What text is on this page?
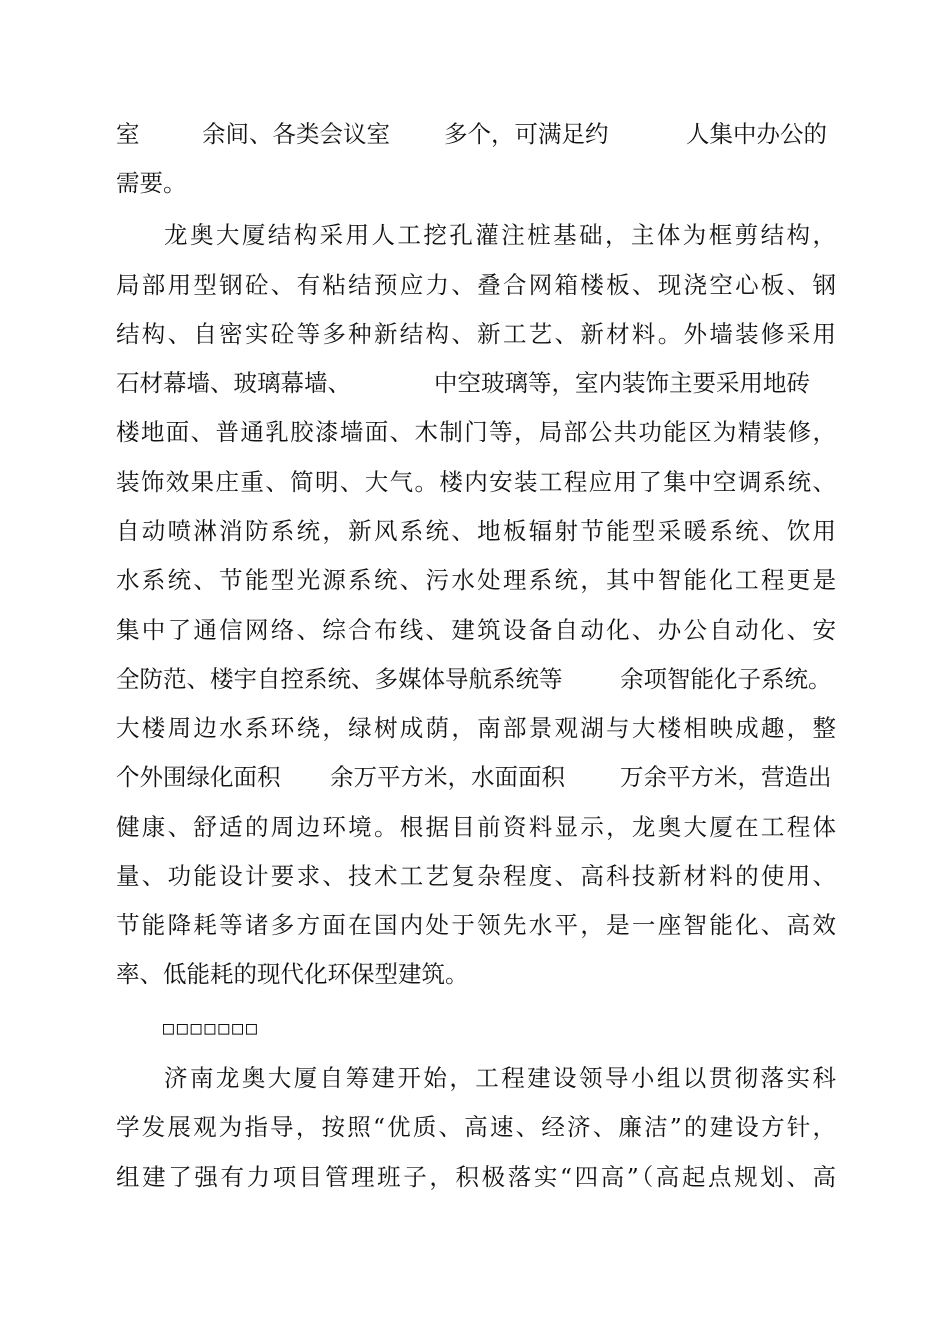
室	余间、各类会议室 多个，可满足约	人集中办公的
需要。
龙奥大厦结构采用人工挖孔灌注桩基础，主体为框剪结构，
局部用型钢砼、有粘结预应力、叠合网箱楼板、现浇空心板、钢
结构、自密实砼等多种新结构、新工艺、新材料。外墙装修采用
石材幕墙、玻璃幕墙、	中空玻璃等，室内装饰主要采用地砖
楼地面、普通乳胶漆墙面、木制门等，局部公共功能区为精装修，
装饰效果庄重、简明、大气。楼内安装工程应用了集中空调系统、
自动喷淋消防系统，新风系统、地板辐射节能型采暖系统、饮用
水系统、节能型光源系统、污水处理系统，其中智能化工程更是
集中了通信网络、综合布线、建筑设备自动化、办公自动化、安
全防范、楼宇自控系统、多媒体导航系统等 余项智能化子系统。
大楼周边水系环绕，绿树成荫，南部景观湖与大楼相映成趣，整
个外围绿化面积 余万平方米，水面面积 万余平方米，营造出
健康、舒适的周边环境。根据目前资料显示，龙奥大厦在工程体
量、功能设计要求、技术工艺复杂程度、高科技新材料的使用、
节能降耗等诸多方面在国内处于领先水平，是一座智能化、高效
率、低能耗的现代化环保型建筑。
□□□□□□□
济南龙奥大厦自筹建开始，工程建设领导小组以贯彻落实科
学发展观为指导，按照“优质、高速、经济、廉洁”的建设方针，
组建了强有力项目管理班子，积极落实“四高”（高起点规划、高
